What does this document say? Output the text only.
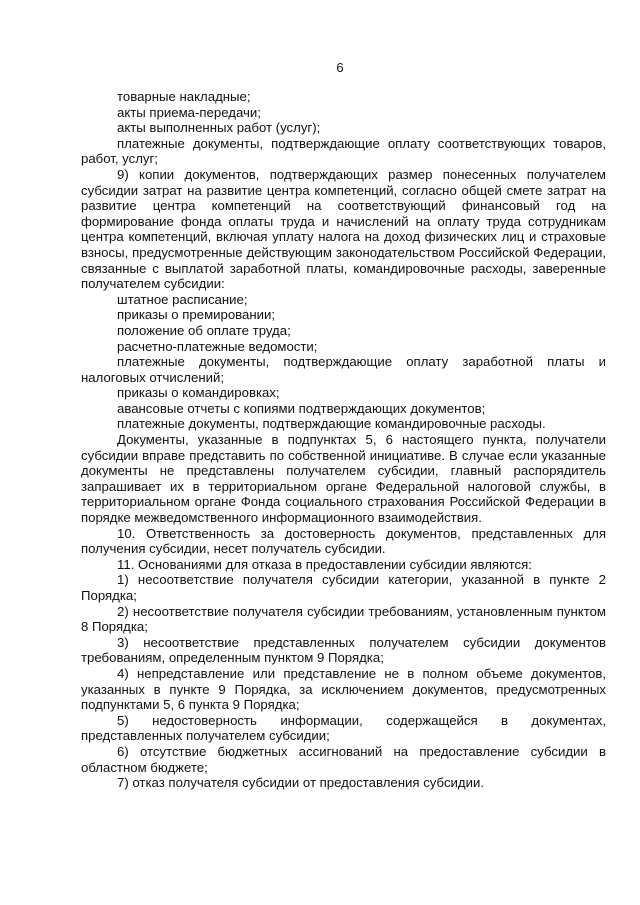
6

товарные накладные;

акты приема-передачи;

акты выполненных работ (услуг);

платежные документы, подтверждающие оплату соответствующих товаров, работ, услуг;

9) копии документов, подтверждающих размер понесенных получателем субсидии затрат на развитие центра компетенций, согласно общей смете затрат на развитие центра компетенций на соответствующий финансовый год на формирование фонда оплаты труда и начислений на оплату труда сотрудникам центра компетенций, включая уплату налога на доход физических лиц и страховые взносы, предусмотренные действующим законодательством Российской Федерации, связанные с выплатой заработной платы, командировочные расходы, заверенные получателем субсидии:

штатное расписание;

приказы о премировании;

положение об оплате труда;

расчетно-платежные ведомости;

платежные документы, подтверждающие оплату заработной платы и налоговых отчислений;

приказы о командировках;

авансовые отчеты с копиями подтверждающих документов;

платежные документы, подтверждающие командировочные расходы.

Документы, указанные в подпунктах 5, 6 настоящего пункта, получатели субсидии вправе представить по собственной инициативе. В случае если указанные документы не представлены получателем субсидии, главный распорядитель запрашивает их в территориальном органе Федеральной налоговой службы, в территориальном органе Фонда социального страхования Российской Федерации в порядке межведомственного информационного взаимодействия.

10. Ответственность за достоверность документов, представленных для получения субсидии, несет получатель субсидии.

11. Основаниями для отказа в предоставлении субсидии являются:

1) несоответствие получателя субсидии категории, указанной в пункте 2 Порядка;

2) несоответствие получателя субсидии требованиям, установленным пунктом 8 Порядка;

3) несоответствие представленных получателем субсидии документов требованиям, определенным пунктом 9 Порядка;

4) непредставление или представление не в полном объеме документов, указанных в пункте 9 Порядка, за исключением документов, предусмотренных подпунктами 5, 6 пункта 9 Порядка;

5) недостоверность информации, содержащейся в документах, представленных получателем субсидии;

6) отсутствие бюджетных ассигнований на предоставление субсидии в областном бюджете;

7) отказ получателя субсидии от предоставления субсидии.
